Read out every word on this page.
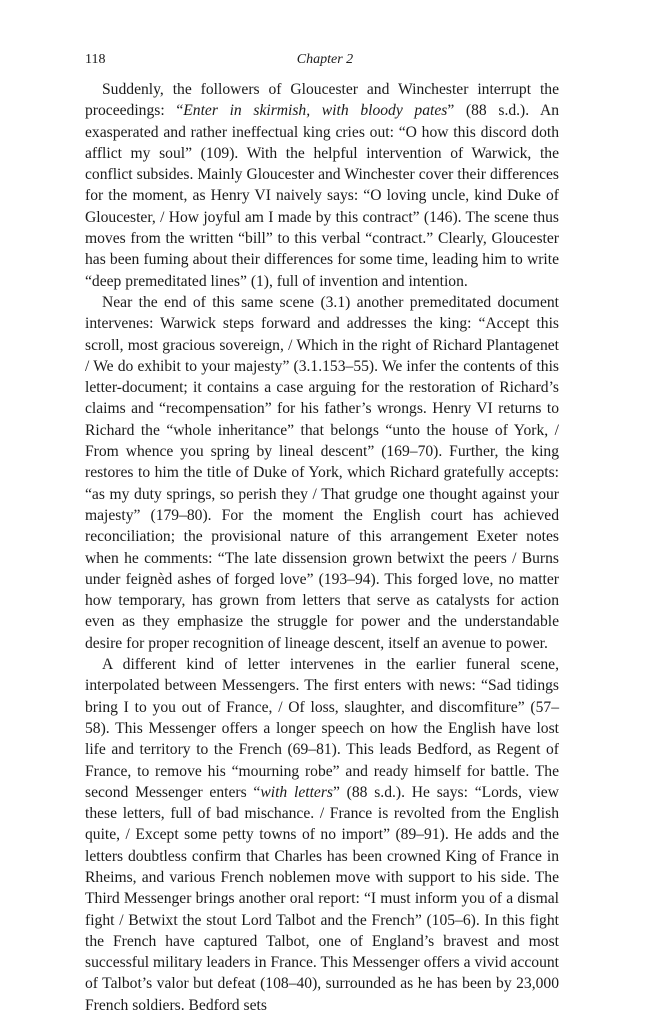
118	Chapter 2

Suddenly, the followers of Gloucester and Winchester interrupt the proceedings: “Enter in skirmish, with bloody pates” (88 s.d.). An exasperated and rather ineffectual king cries out: “O how this discord doth afflict my soul” (109). With the helpful intervention of Warwick, the conflict subsides. Mainly Gloucester and Winchester cover their differences for the moment, as Henry VI naively says: “O loving uncle, kind Duke of Gloucester, / How joyful am I made by this contract” (146). The scene thus moves from the written “bill” to this verbal “contract.” Clearly, Gloucester has been fuming about their differences for some time, leading him to write “deep premeditated lines” (1), full of invention and intention.

Near the end of this same scene (3.1) another premeditated document intervenes: Warwick steps forward and addresses the king: “Accept this scroll, most gracious sovereign, / Which in the right of Richard Plantagenet / We do exhibit to your majesty” (3.1.153–55). We infer the contents of this letter-document; it contains a case arguing for the restoration of Richard’s claims and “recompensation” for his father’s wrongs. Henry VI returns to Richard the “whole inheritance” that belongs “unto the house of York, / From whence you spring by lineal descent” (169–70). Further, the king restores to him the title of Duke of York, which Richard gratefully accepts: “as my duty springs, so perish they / That grudge one thought against your majesty” (179–80). For the moment the English court has achieved reconciliation; the provisional nature of this arrangement Exeter notes when he comments: “The late dissension grown betwixt the peers / Burns under feignèd ashes of forged love” (193–94). This forged love, no matter how temporary, has grown from letters that serve as catalysts for action even as they emphasize the struggle for power and the understandable desire for proper recognition of lineage descent, itself an avenue to power.

A different kind of letter intervenes in the earlier funeral scene, interpolated between Messengers. The first enters with news: “Sad tidings bring I to you out of France, / Of loss, slaughter, and discomfiture” (57–58). This Messenger offers a longer speech on how the English have lost life and territory to the French (69–81). This leads Bedford, as Regent of France, to remove his “mourning robe” and ready himself for battle. The second Messenger enters “with letters” (88 s.d.). He says: “Lords, view these letters, full of bad mischance. / France is revolted from the English quite, / Except some petty towns of no import” (89–91). He adds and the letters doubtless confirm that Charles has been crowned King of France in Rheims, and various French noblemen move with support to his side. The Third Messenger brings another oral report: “I must inform you of a dismal fight / Betwixt the stout Lord Talbot and the French” (105–6). In this fight the French have captured Talbot, one of England’s bravest and most successful military leaders in France. This Messenger offers a vivid account of Talbot’s valor but defeat (108–40), surrounded as he has been by 23,000 French soldiers. Bedford sets
